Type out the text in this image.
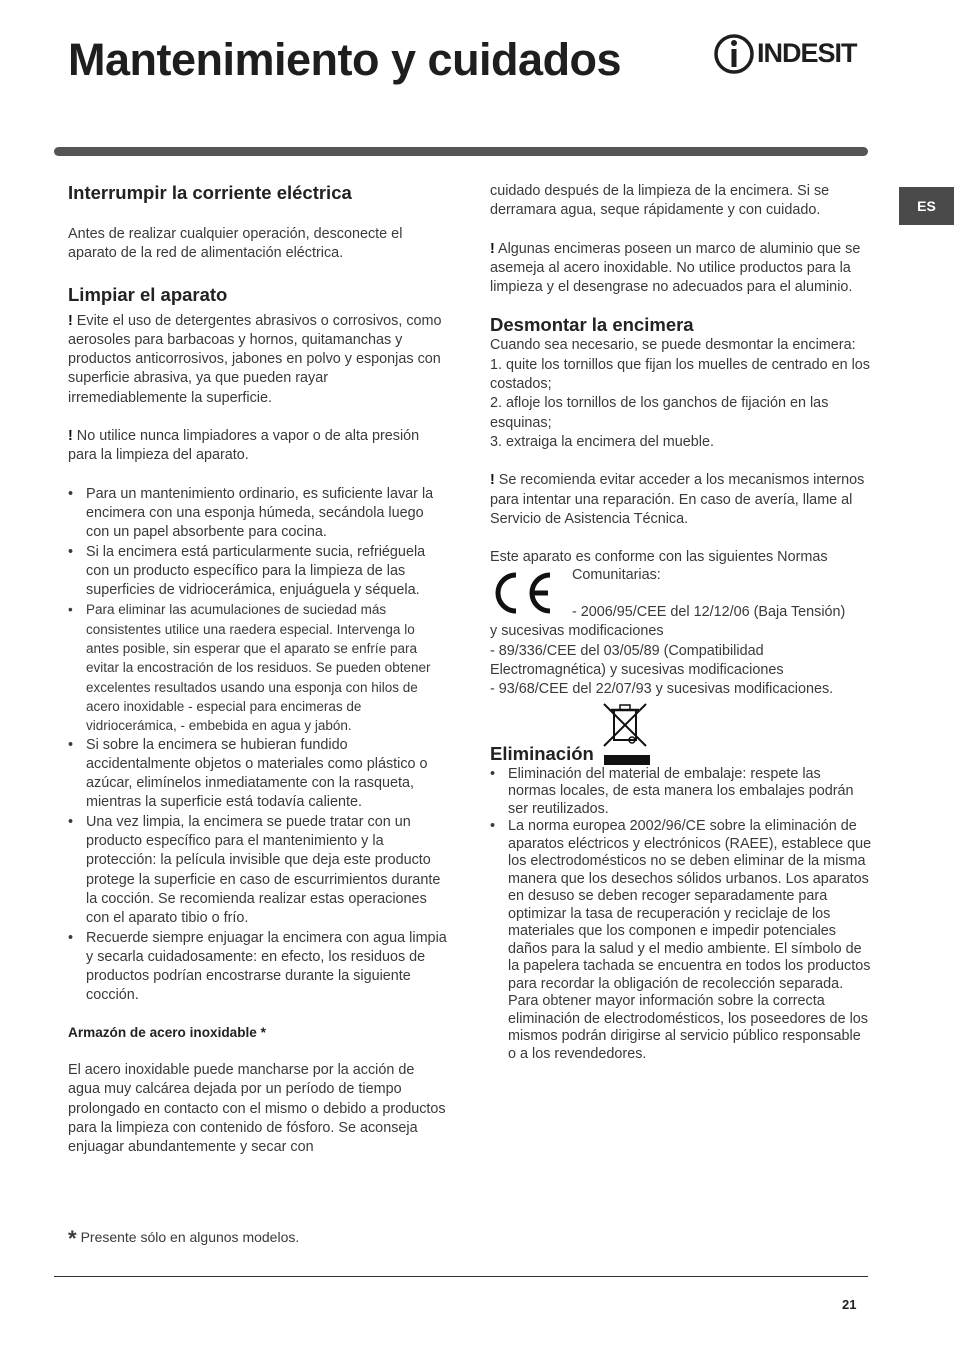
Mantenimiento y cuidados	INDESIT
ES
Interrumpir la corriente eléctrica

Antes de realizar cualquier operación, desconecte el aparato de la red de alimentación eléctrica.

Limpiar el aparato

! Evite el uso de detergentes abrasivos o corrosivos, como aerosoles para barbacoas y hornos, quitamanchas y productos anticorrosivos, jabones en polvo y esponjas con superficie abrasiva, ya que pueden rayar irremediablemente la superficie.

! No utilice nunca limpiadores a vapor o de alta presión para la limpieza del aparato.

• Para un mantenimiento ordinario, es suficiente lavar la encimera con una esponja húmeda, secándola luego con un papel absorbente para cocina.
• Si la encimera está particularmente sucia, refriéguela con un producto específico para la limpieza de las superficies de vidriocerámica, enjuáguela y séquela.
• Para eliminar las acumulaciones de suciedad más consistentes utilice una raedera especial. Intervenga lo antes posible, sin esperar que el aparato se enfríe para evitar la encostración de los residuos. Se pueden obtener excelentes resultados usando una esponja con hilos de acero inoxidable - especial para encimeras de vidriocerámica, - embebida en agua y jabón.
• Si sobre la encimera se hubieran fundido accidentalmente objetos o materiales como plástico o azúcar, elimínelos inmediatamente con la rasqueta, mientras la superficie está todavía caliente.
• Una vez limpia, la encimera se puede tratar con un producto específico para el mantenimiento y la protección: la película invisible que deja este producto protege la superficie en caso de escurrimientos durante la cocción. Se recomienda realizar estas operaciones con el aparato tibio o frío.
• Recuerde siempre enjuagar la encimera con agua limpia y secarla cuidadosamente: en efecto, los residuos de productos podrían encostrarse durante la siguiente cocción.

Armazón de acero inoxidable *

El acero inoxidable puede mancharse por la acción de agua muy calcárea dejada por un período de tiempo prolongado en contacto con el mismo o debido a productos para la limpieza con contenido de fósforo. Se aconseja enjuagar abundantemente y secar con

cuidado después de la limpieza de la encimera. Si se derramara agua, seque rápidamente y con cuidado.

! Algunas encimeras poseen un marco de aluminio que se asemeja al acero inoxidable. No utilice productos para la limpieza y el desengrase no adecuados para el aluminio.

Desmontar la encimera

Cuando sea necesario, se puede desmontar la encimera:

1. quite los tornillos que fijan los muelles de centrado en los costados;

2. afloje los tornillos de los ganchos de fijación en las esquinas;

3. extraiga la encimera del mueble.

! Se recomienda evitar acceder a los mecanismos internos para intentar una reparación. En caso de avería, llame al Servicio de Asistencia Técnica.

Este aparato es conforme con las siguientes Normas

Comunitarias:

- 2006/95/CEE del 12/12/06 (Baja Tensión)

y sucesivas modificaciones

- 89/336/CEE del 03/05/89 (Compatibilidad

Electromagnética) y sucesivas modificaciones

- 93/68/CEE del 22/07/93 y sucesivas modificaciones.

Eliminación
• Eliminación del material de embalaje: respete las normas locales, de esta manera los embalajes podrán ser reutilizados.
• La norma europea 2002/96/CE sobre la eliminación de aparatos eléctricos y electrónicos (RAEE), establece que los electrodomésticos no se deben eliminar de la misma manera que los desechos sólidos urbanos. Los aparatos en desuso se deben recoger separadamente para optimizar la tasa de recuperación y reciclaje de los materiales que los componen e impedir potenciales daños para la salud y el medio ambiente. El símbolo de la papelera tachada se encuentra en todos los productos para recordar la obligación de recolección separada.
Para obtener mayor información sobre la correcta eliminación de electrodomésticos, los poseedores de los mismos podrán dirigirse al servicio público responsable o a los revendedores.
* Presente sólo en algunos modelos.
21
